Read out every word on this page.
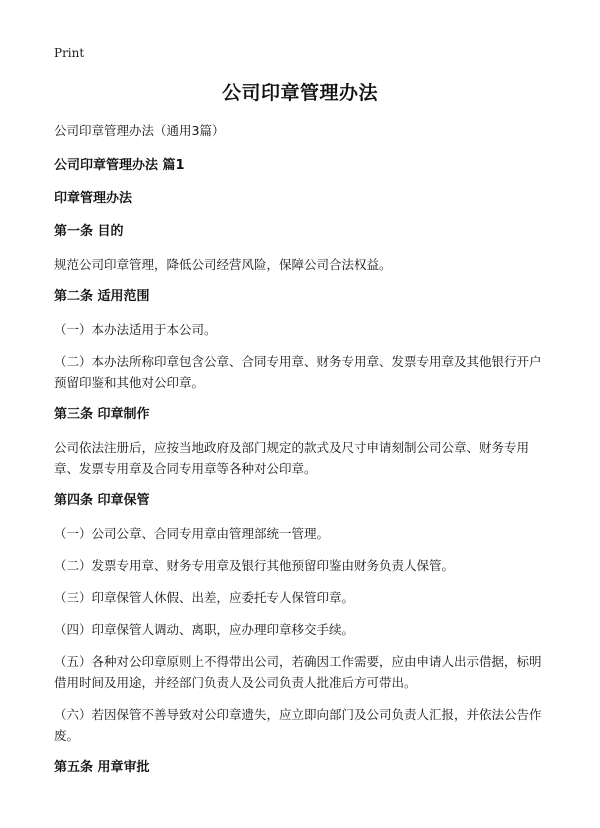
Print
公司印章管理办法
公司印章管理办法（通用3篇）
公司印章管理办法 篇1
印章管理办法
第一条 目的
规范公司印章管理，降低公司经营风险，保障公司合法权益。
第二条 适用范围
（一）本办法适用于本公司。
（二）本办法所称印章包含公章、合同专用章、财务专用章、发票专用章及其他银行开户预留印鉴和其他对公印章。
第三条 印章制作
公司依法注册后，应按当地政府及部门规定的款式及尺寸申请刻制公司公章、财务专用章、发票专用章及合同专用章等各种对公印章。
第四条 印章保管
（一）公司公章、合同专用章由管理部统一管理。
（二）发票专用章、财务专用章及银行其他预留印鉴由财务负责人保管。
（三）印章保管人休假、出差，应委托专人保管印章。
（四）印章保管人调动、离职，应办理印章移交手续。
（五）各种对公印章原则上不得带出公司，若确因工作需要，应由申请人出示借据，标明借用时间及用途，并经部门负责人及公司负责人批准后方可带出。
（六）若因保管不善导致对公印章遗失，应立即向部门及公司负责人汇报，并依法公告作废。
第五条 用章审批
